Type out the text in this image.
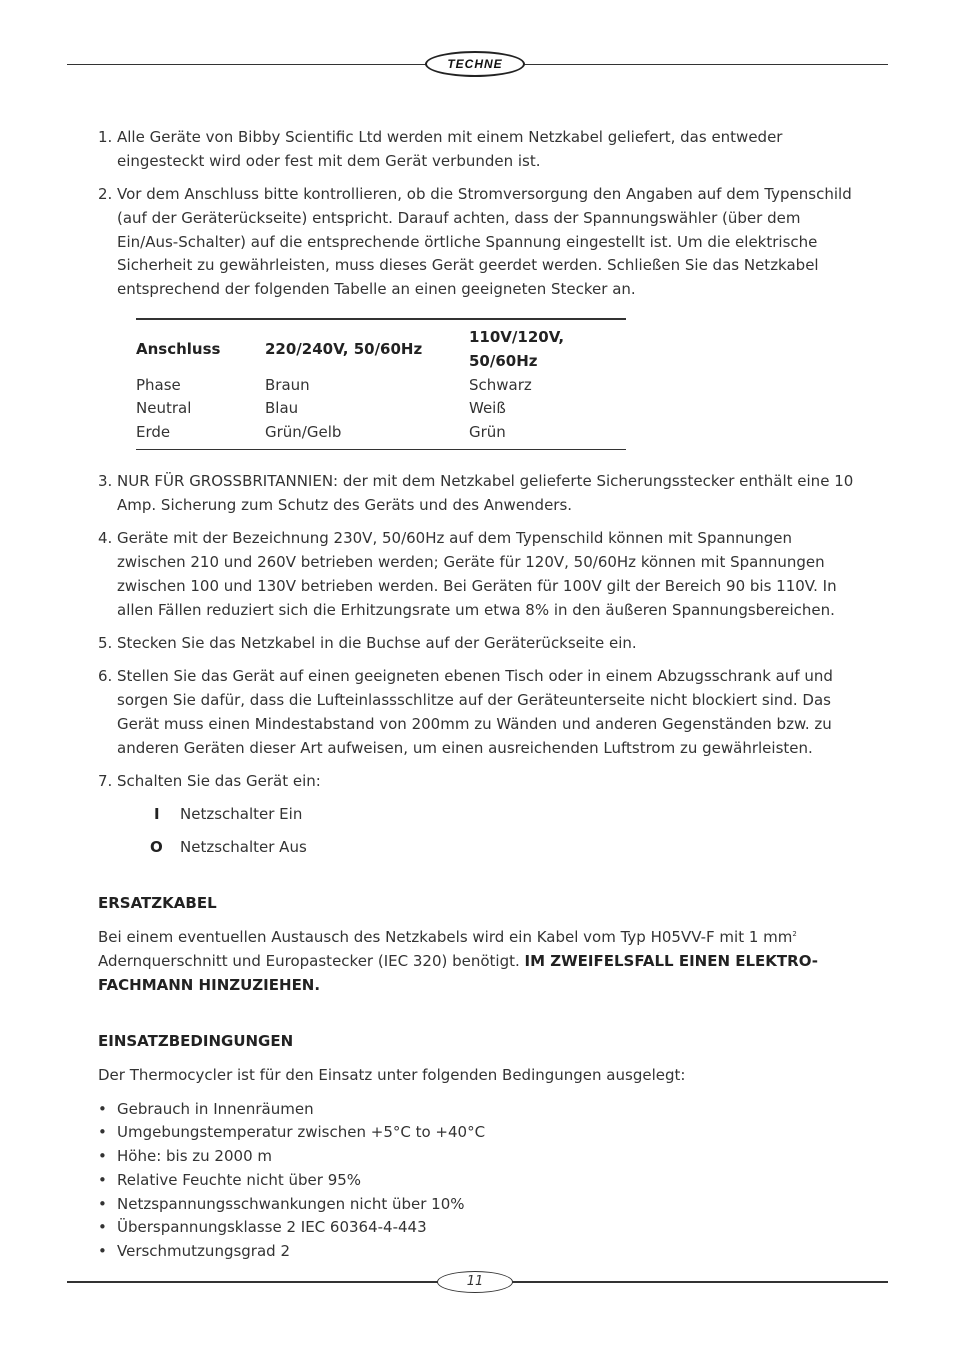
TECHNE
1. Alle Geräte von Bibby Scientific Ltd werden mit einem Netzkabel geliefert, das entweder eingesteckt wird oder fest mit dem Gerät verbunden ist.
2. Vor dem Anschluss bitte kontrollieren, ob die Stromversorgung den Angaben auf dem Typenschild (auf der Geräterückseite) entspricht. Darauf achten, dass der Spannungswähler (über dem Ein/Aus-Schalter) auf die entsprechende örtliche Spannung eingestellt ist. Um die elektrische Sicherheit zu gewährleisten, muss dieses Gerät geerdet werden. Schließen Sie das Netzkabel entsprechend der folgenden Tabelle an einen geeigneten Stecker an.
Anschluss	220/240V, 50/60Hz	110V/120V, 50/60Hz
Phase	Braun	Schwarz
Neutral	Blau	Weiß
Erde	Grün/Gelb	Grün
3. NUR FÜR GROSSBRITANNIEN: der mit dem Netzkabel gelieferte Sicherungsstecker enthält eine 10 Amp. Sicherung zum Schutz des Geräts und des Anwenders.
4. Geräte mit der Bezeichnung 230V, 50/60Hz auf dem Typenschild können mit Spannungen zwischen 210 und 260V betrieben werden; Geräte für 120V, 50/60Hz können mit Spannungen zwischen 100 und 130V betrieben werden. Bei Geräten für 100V gilt der Bereich 90 bis 110V. In allen Fällen reduziert sich die Erhitzungsrate um etwa 8% in den äußeren Spannungsbereichen.
5. Stecken Sie das Netzkabel in die Buchse auf der Geräterückseite ein.
6. Stellen Sie das Gerät auf einen geeigneten ebenen Tisch oder in einem Abzugsschrank auf und sorgen Sie dafür, dass die Lufteinlassschlitze auf der Geräteunterseite nicht blockiert sind. Das Gerät muss einen Mindestabstand von 200mm zu Wänden und anderen Gegenständen bzw. zu anderen Geräten dieser Art aufweisen, um einen ausreichenden Luftstrom zu gewährleisten.
7. Schalten Sie das Gerät ein:
I	Netzschalter Ein
O	Netzschalter Aus
ERSATZKABEL

Bei einem eventuellen Austausch des Netzkabels wird ein Kabel vom Typ H05VV-F mit 1 $mm^2$ Adernquerschnitt und Europastecker (IEC 320) benötigt. IM ZWEIFELSFALL EINEN ELEKTRO-FACHMANN HINZUZIEHEN.

EINSATZBEDINGUNGEN

Der Thermocycler ist für den Einsatz unter folgenden Bedingungen ausgelegt:

• Gebrauch in Innenräumen
• Umgebungstemperatur zwischen +5°C to +40°C
• Höhe: bis zu 2000 m
• Relative Feuchte nicht über 95%
• Netzspannungsschwankungen nicht über 10%
• Überspannungsklasse 2 IEC 60364-4-443
• Verschmutzungsgrad 2
11
